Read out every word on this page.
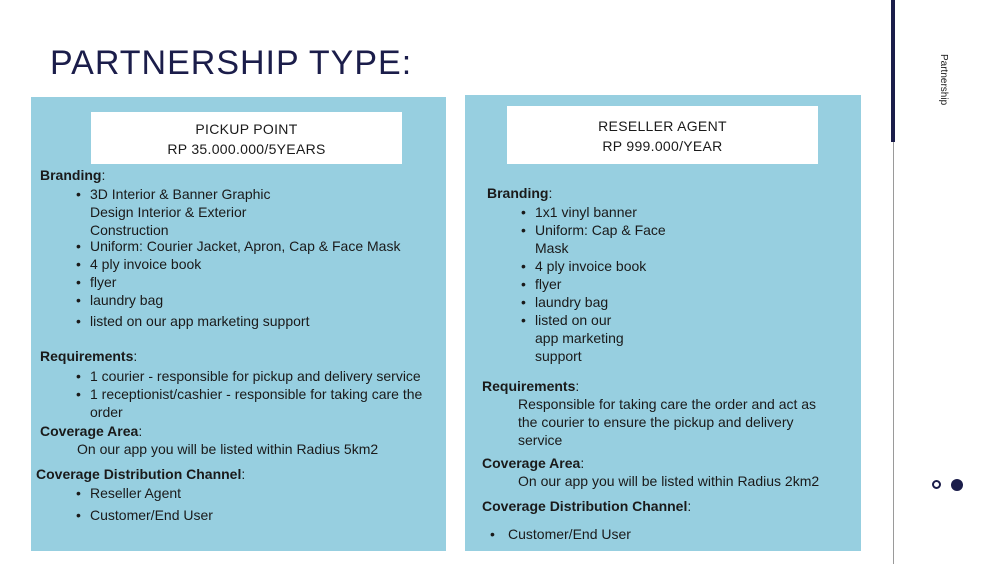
PARTNERSHIP TYPE:
PICKUP POINT
RP 35.000.000/5YEARS
Branding:
• 3D Interior & Banner Graphic Design Interior & Exterior Construction
• Uniform: Courier Jacket, Apron, Cap & Face Mask
• 4 ply invoice book
• flyer
• laundry bag
• listed on our app marketing support
Requirements:
• 1 courier - responsible for pickup and delivery service
• 1 receptionist/cashier - responsible for taking care the order
Coverage Area:
On our app you will be listed within Radius 5km2
Coverage Distribution Channel:
• Reseller Agent
• Customer/End User
RESELLER AGENT
RP 999.000/YEAR
Branding:
• 1x1 vinyl banner
• Uniform: Cap & Face Mask
• 4 ply invoice book
• flyer
• laundry bag
• listed on our app marketing support
Requirements:
Responsible for taking care the order and act as the courier to ensure the pickup and delivery service
Coverage Area:
On our app you will be listed within Radius 2km2
Coverage Distribution Channel:
• Customer/End User
Partnership
